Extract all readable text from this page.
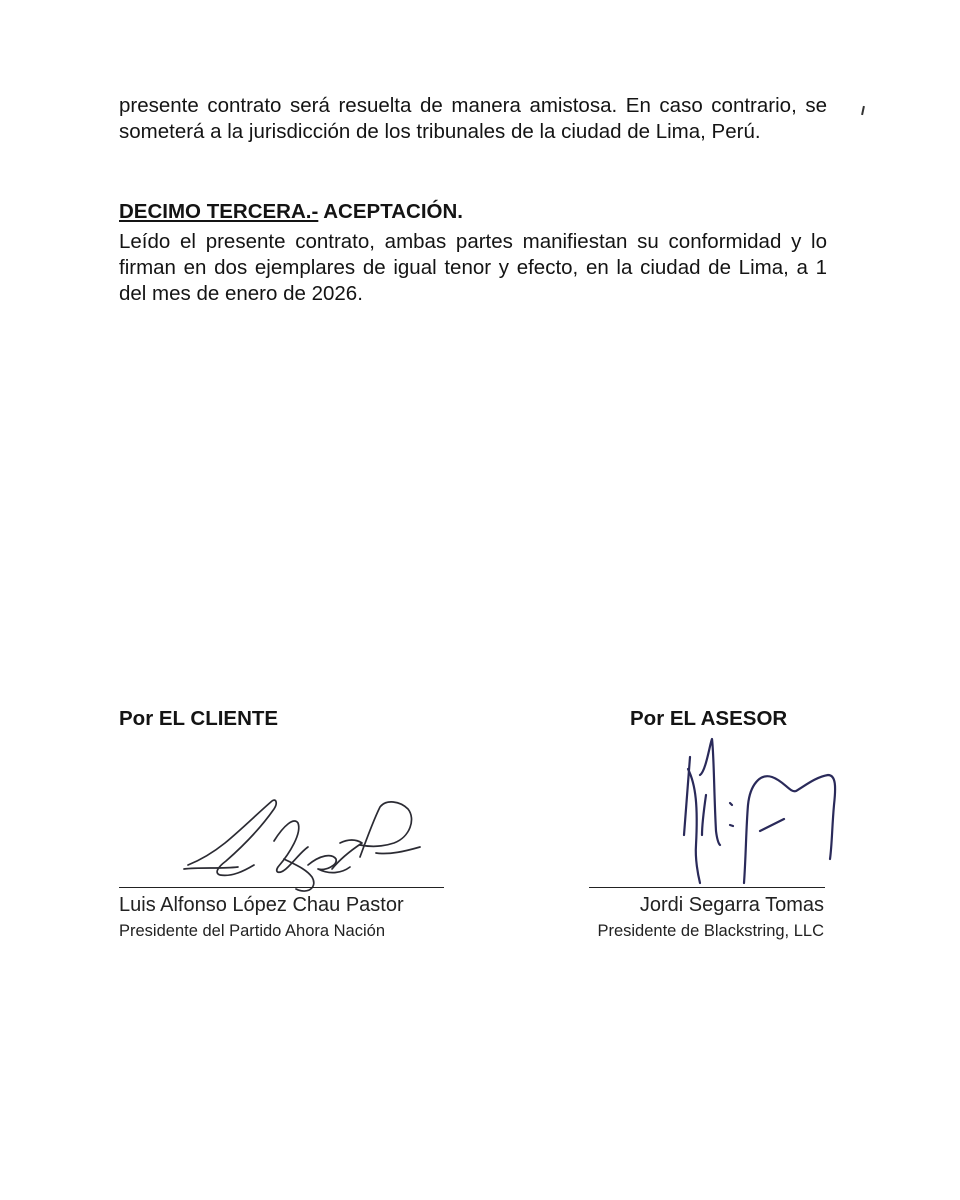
presente contrato será resuelta de manera amistosa. En caso contrario, se someterá a la jurisdicción de los tribunales de la ciudad de Lima, Perú.

DECIMO TERCERA.- ACEPTACIÓN.

Leído el presente contrato, ambas partes manifiestan su conformidad y lo firman en dos ejemplares de igual tenor y efecto, en la ciudad de Lima, a 1 del mes de enero de 2026.

Por EL CLIENTE
Luis Alfonso López Chau Pastor
Presidente del Partido Ahora Nación
Por EL ASESOR
Jordi Segarra Tomas
Presidente de Blackstring, LLC
